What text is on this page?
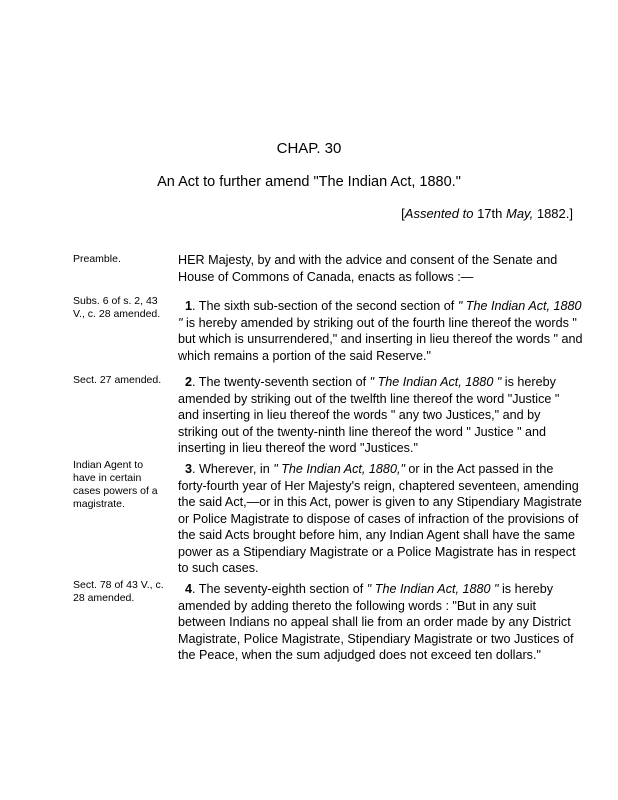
CHAP. 30
An Act to further amend "The Indian Act, 1880."
[Assented to 17th May, 1882.]
Preamble.	HER Majesty, by and with the advice and consent of the Senate and House of Commons of Canada, enacts as follows :—
Subs. 6 of s. 2, 43 V., c. 28 amended.
1. The sixth sub-section of the second section of " The Indian Act, 1880 " is hereby amended by striking out of the fourth line thereof the words " but which is unsurrendered," and inserting in lieu thereof the words " and which remains a portion of the said Reserve."
Sect. 27 amended.	2. The twenty-seventh section of " The Indian Act, 1880 " is hereby amended by striking out of the twelfth line thereof the word "Justice " and inserting in lieu thereof the words " any two Justices," and by striking out of the twenty-ninth line thereof the word " Justice " and inserting in lieu thereof the word "Justices."
Indian Agent to have in certain cases powers of a magistrate.
3. Wherever, in " The Indian Act, 1880," or in the Act passed in the forty-fourth year of Her Majesty's reign, chaptered seventeen, amending the said Act,—or in this Act, power is given to any Stipendiary Magistrate or Police Magistrate to dispose of cases of infraction of the provisions of the said Acts brought before him, any Indian Agent shall have the same power as a Stipendiary Magistrate or a Police Magistrate has in respect to such cases.
Sect. 78 of 43 V., c. 28 amended.
4. The seventy-eighth section of " The Indian Act, 1880 " is hereby amended by adding thereto the following words : "But in any suit between Indians no appeal shall lie from an order made by any District Magistrate, Police Magistrate, Stipendiary Magistrate or two Justices of the Peace, when the sum adjudged does not exceed ten dollars."
